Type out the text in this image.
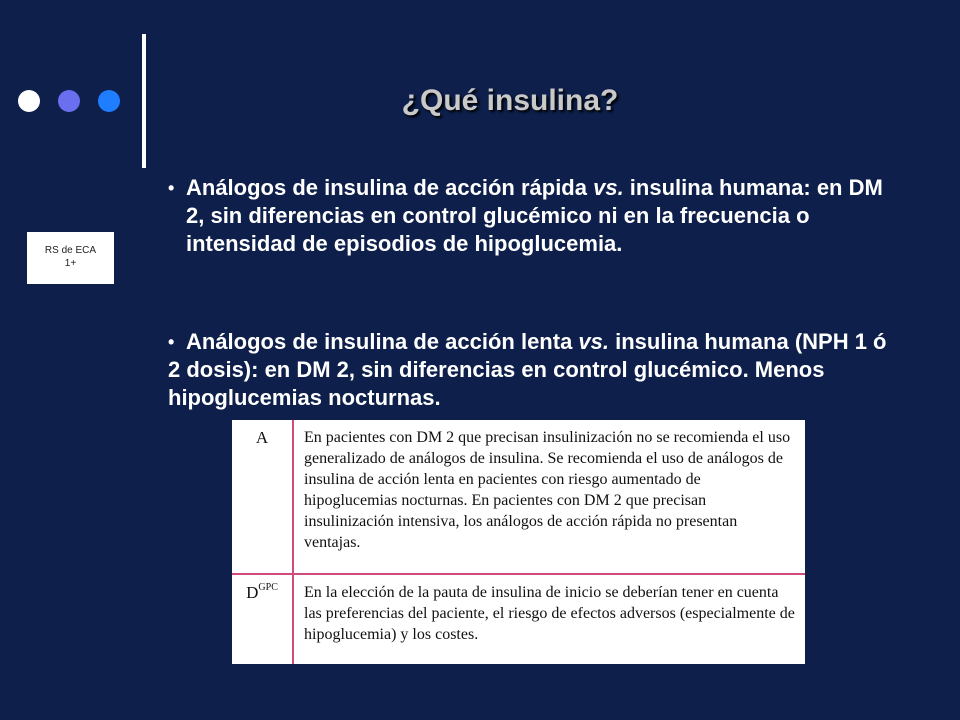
¿Qué insulina?
RS de ECA
1+
• Análogos de insulina de acción rápida vs. insulina humana: en DM 2, sin diferencias en control glucémico ni en la frecuencia o intensidad de episodios de hipoglucemia.
• Análogos de insulina de acción lenta vs. insulina humana (NPH 1 ó 2 dosis): en DM 2, sin diferencias en control glucémico. Menos hipoglucemias nocturnas.
A	En pacientes con DM 2 que precisan insulinización no se recomienda el uso generalizado de análogos de insulina. Se recomienda el uso de análogos de insulina de acción lenta en pacientes con riesgo aumentado de hipoglucemias nocturnas. En pacientes con DM 2 que precisan insulinización intensiva, los análogos de acción rápida no presentan ventajas.
$D^{GPC}$	En la elección de la pauta de insulina de inicio se deberían tener en cuenta las preferencias del paciente, el riesgo de efectos adversos (especialmente de hipoglucemia) y los costes.
